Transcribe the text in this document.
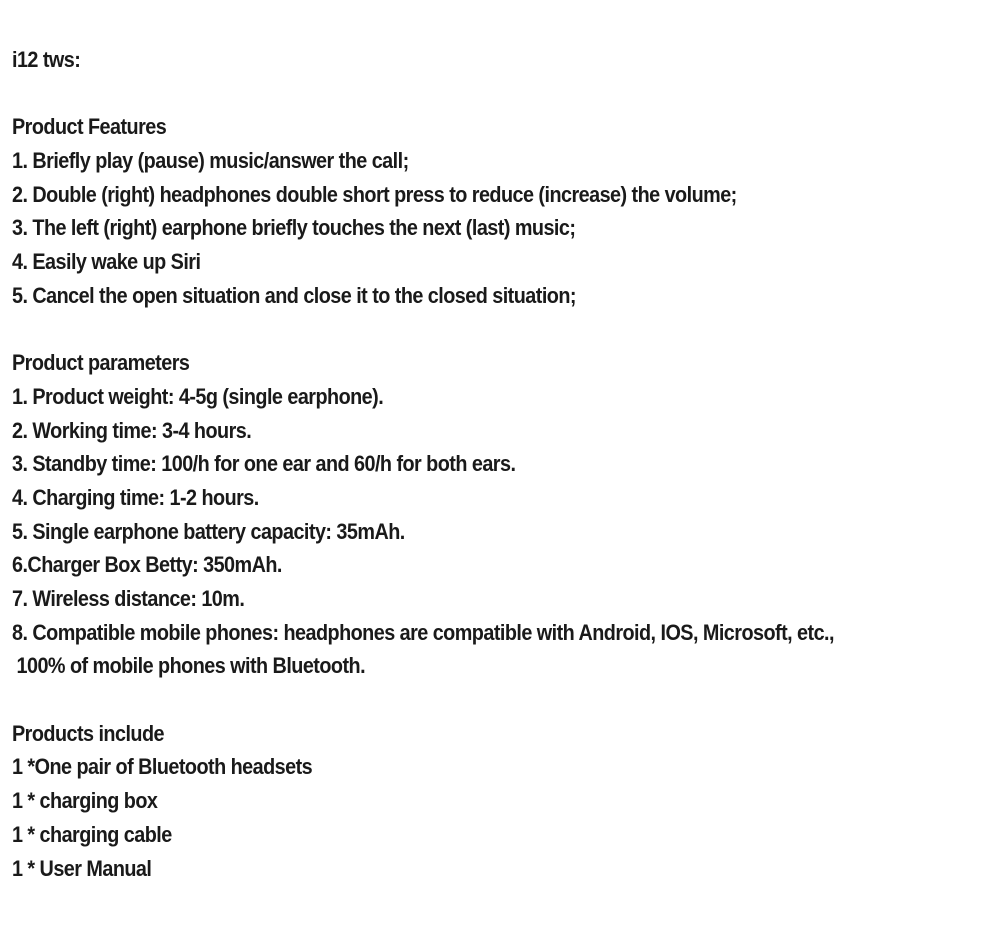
i12 tws:

Product Features

1. Briefly play (pause) music/answer the call;

2. Double (right) headphones double short press to reduce (increase) the volume;

3. The left (right) earphone briefly touches the next (last) music;

4. Easily wake up Siri

5. Cancel the open situation and close it to the closed situation;

Product parameters

1. Product weight: 4-5g (single earphone).

2. Working time: 3-4 hours.

3. Standby time: 100/h for one ear and 60/h for both ears.

4. Charging time: 1-2 hours.

5. Single earphone battery capacity: 35mAh.

6.Charger Box Betty: 350mAh.

7. Wireless distance: 10m.

8. Compatible mobile phones: headphones are compatible with Android, IOS, Microsoft, etc.,

100% of mobile phones with Bluetooth.

Products include

1 *One pair of Bluetooth headsets

1 * charging box

1 * charging cable

1 * User Manual
